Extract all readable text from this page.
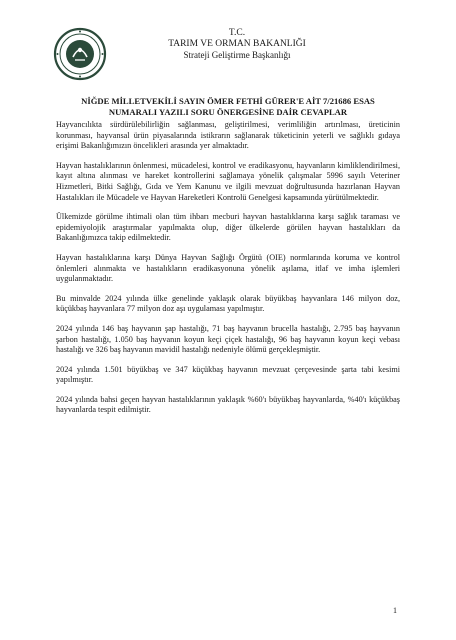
T.C.
TARIM VE ORMAN BAKANLIĞI
Strateji Geliştirme Başkanlığı
NİĞDE MİLLETVEKİLİ SAYIN ÖMER FETHİ GÜRER'E AİT 7/21686 ESAS
NUMARALI YAZILI SORU ÖNERGESİNE DAİR CEVAPLAR

Hayvancılıkta sürdürülebilirliğin sağlanması, geliştirilmesi, verimliliğin artırılması, üreticinin korunması, hayvansal ürün piyasalarında istikrarın sağlanarak tüketicinin yeterli ve sağlıklı gıdaya erişimi Bakanlığımızın öncelikleri arasında yer almaktadır.

Hayvan hastalıklarının önlenmesi, mücadelesi, kontrol ve eradikasyonu, hayvanların kimliklendirilmesi, kayıt altına alınması ve hareket kontrollerini sağlamaya yönelik çalışmalar 5996 sayılı Veteriner Hizmetleri, Bitki Sağlığı, Gıda ve Yem Kanunu ve ilgili mevzuat doğrultusunda hazırlanan Hayvan Hastalıkları ile Mücadele ve Hayvan Hareketleri Kontrolü Genelgesi kapsamında yürütülmektedir.

Ülkemizde görülme ihtimali olan tüm ihbarı mecburi hayvan hastalıklarına karşı sağlık taraması ve epidemiyolojik araştırmalar yapılmakta olup, diğer ülkelerde görülen hayvan hastalıkları da Bakanlığımızca takip edilmektedir.

Hayvan hastalıklarına karşı Dünya Hayvan Sağlığı Örgütü (OIE) normlarında koruma ve kontrol önlemleri alınmakta ve hastalıkların eradikasyonuna yönelik aşılama, itlaf ve imha işlemleri uygulanmaktadır.

Bu minvalde 2024 yılında ülke genelinde yaklaşık olarak büyükbaş hayvanlara 146 milyon doz, küçükbaş hayvanlara 77 milyon doz aşı uygulaması yapılmıştır.

2024 yılında 146 baş hayvanın şap hastalığı, 71 baş hayvanın brucella hastalığı, 2.795 baş hayvanın şarbon hastalığı, 1.050 baş hayvanın koyun keçi çiçek hastalığı, 96 baş hayvanın koyun keçi vebası hastalığı ve 326 baş hayvanın mavidil hastalığı nedeniyle ölümü gerçekleşmiştir.

2024 yılında 1.501 büyükbaş ve 347 küçükbaş hayvanın mevzuat çerçevesinde şarta tabi kesimi yapılmıştır.

2024 yılında bahsi geçen hayvan hastalıklarının yaklaşık %60'ı büyükbaş hayvanlarda, %40'ı küçükbaş hayvanlarda tespit edilmiştir.

1
